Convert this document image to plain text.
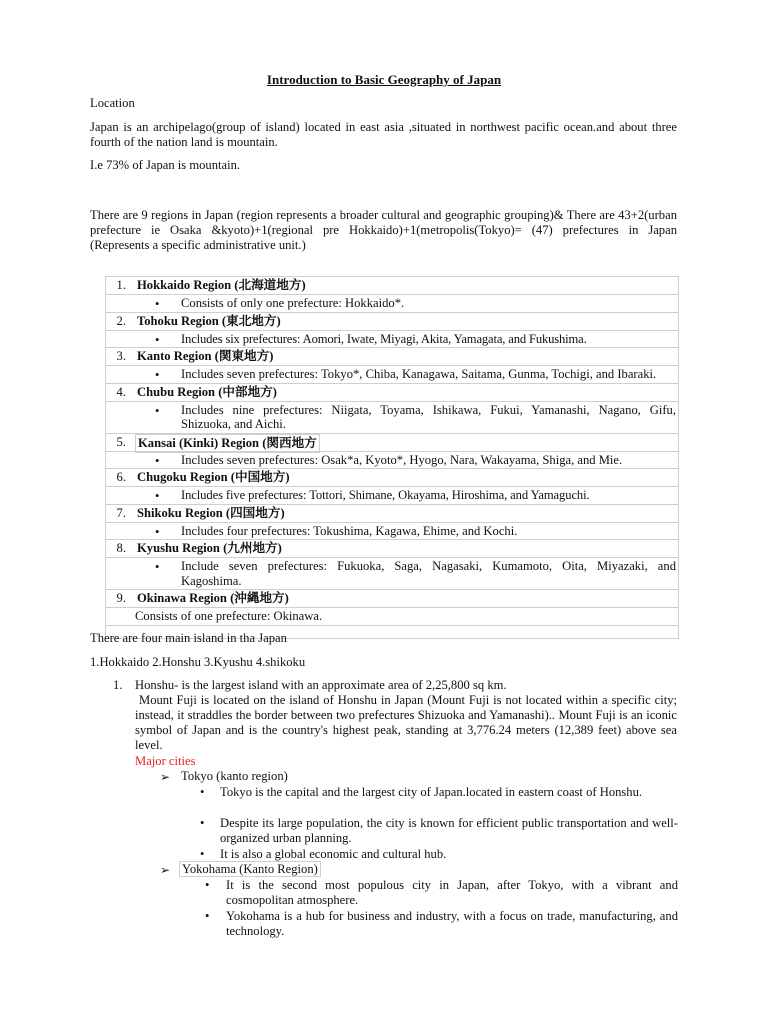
Introduction to Basic Geography of Japan
Location
Japan is an archipelago(group of island) located in east asia ,situated in northwest pacific ocean.and about three fourth of the nation land is mountain.
I.e 73% of Japan is mountain.
There are 9 regions in Japan (region represents a broader cultural and geographic grouping)& There are 43+2(urban prefecture ie Osaka &kyoto)+1(regional pre Hokkaido)+1(metropolis(Tokyo)= (47) prefectures in Japan (Represents a specific administrative unit.)
1. Hokkaido Region (北海道地方)
• Consists of only one prefecture: Hokkaido*.
2. Tohoku Region (東北地方)
• Includes six prefectures: Aomori, Iwate, Miyagi, Akita, Yamagata, and Fukushima.
3. Kanto Region (関東地方)
• Includes seven prefectures: Tokyo*, Chiba, Kanagawa, Saitama, Gunma, Tochigi, and Ibaraki.
4. Chubu Region (中部地方)
• Includes nine prefectures: Niigata, Toyama, Ishikawa, Fukui, Yamanashi, Nagano, Gifu, Shizuoka, and Aichi.
5. Kansai (Kinki) Region (関西地方
• Includes seven prefectures: Osak*a, Kyoto*, Hyogo, Nara, Wakayama, Shiga, and Mie.
6. Chugoku Region (中国地方)
• Includes five prefectures: Tottori, Shimane, Okayama, Hiroshima, and Yamaguchi.
7. Shikoku Region (四国地方)
• Includes four prefectures: Tokushima, Kagawa, Ehime, and Kochi.
8. Kyushu Region (九州地方)
• Include seven prefectures: Fukuoka, Saga, Nagasaki, Kumamoto, Oita, Miyazaki, and Kagoshima.
9. Okinawa Region (沖縄地方)
Consists of one prefecture: Okinawa.
There are four main island in tha Japan
1.Hokkaido 2.Honshu 3.Kyushu 4.shikoku
1. Honshu- is the largest island with an approximate area of 2,25,800 sq km.
Mount Fuji is located on the island of Honshu in Japan (Mount Fuji is not located within a specific city; instead, it straddles the border between two prefectures Shizuoka and Yamanashi).. Mount Fuji is an iconic symbol of Japan and is the country's highest peak, standing at 3,776.24 meters (12,389 feet) above sea level.
Major cities
➢ Tokyo (kanto region)
• Tokyo is the capital and the largest city of Japan.located in eastern coast of Honshu.
• Despite its large population, the city is known for efficient public transportation and well-organized urban planning.
• It is also a global economic and cultural hub.
➢ Yokohama (Kanto Region)
• It is the second most populous city in Japan, after Tokyo, with a vibrant and cosmopolitan atmosphere.
• Yokohama is a hub for business and industry, with a focus on trade, manufacturing, and technology.
